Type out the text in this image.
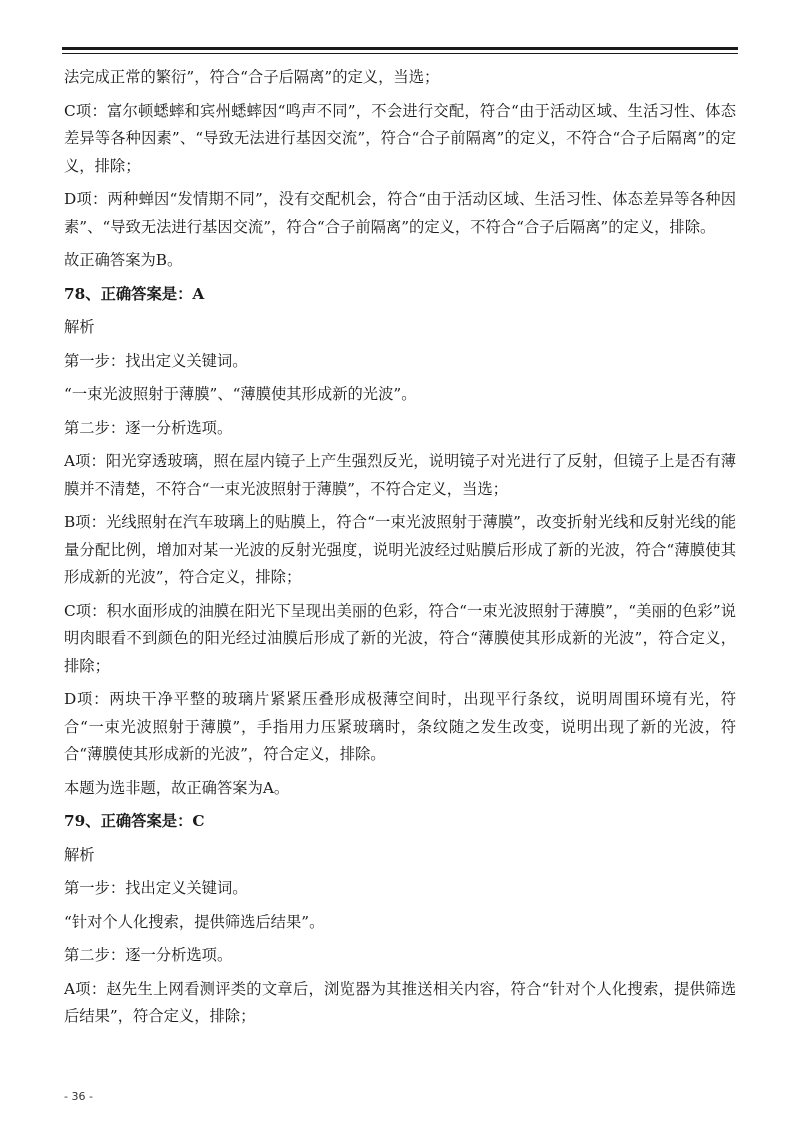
法完成正常的繁衍”，符合“合子后隔离”的定义，当选；

C项：富尔顿蟋蟀和宾州蟋蟀因“鸣声不同”，不会进行交配，符合“由于活动区域、生活习性、体态差异等各种因素”、“导致无法进行基因交流”，符合“合子前隔离”的定义，不符合“合子后隔离”的定义，排除；

D项：两种蝉因“发情期不同”，没有交配机会，符合“由于活动区域、生活习性、体态差异等各种因素”、“导致无法进行基因交流”，符合“合子前隔离”的定义，不符合“合子后隔离”的定义，排除。

故正确答案为B。

78、正确答案是：A

解析

第一步：找出定义关键词。

“一束光波照射于薄膜”、“薄膜使其形成新的光波”。

第二步：逐一分析选项。

A项：阳光穿透玻璃，照在屋内镜子上产生强烈反光，说明镜子对光进行了反射，但镜子上是否有薄膜并不清楚，不符合“一束光波照射于薄膜”，不符合定义，当选；

B项：光线照射在汽车玻璃上的贴膜上，符合“一束光波照射于薄膜”，改变折射光线和反射光线的能量分配比例，增加对某一光波的反射光强度，说明光波经过贴膜后形成了新的光波，符合“薄膜使其形成新的光波”，符合定义，排除；

C项：积水面形成的油膜在阳光下呈现出美丽的色彩，符合“一束光波照射于薄膜”，“美丽的色彩”说明肉眼看不到颜色的阳光经过油膜后形成了新的光波，符合“薄膜使其形成新的光波”，符合定义，排除；

D项：两块干净平整的玻璃片紧紧压叠形成极薄空间时，出现平行条纹，说明周围环境有光，符合“一束光波照射于薄膜”，手指用力压紧玻璃时，条纹随之发生改变，说明出现了新的光波，符合“薄膜使其形成新的光波”，符合定义，排除。

本题为选非题，故正确答案为A。

79、正确答案是：C

解析

第一步：找出定义关键词。

“针对个人化搜索，提供筛选后结果”。

第二步：逐一分析选项。

A项：赵先生上网看测评类的文章后，浏览器为其推送相关内容，符合“针对个人化搜索，提供筛选后结果”，符合定义，排除；

- 36 -
